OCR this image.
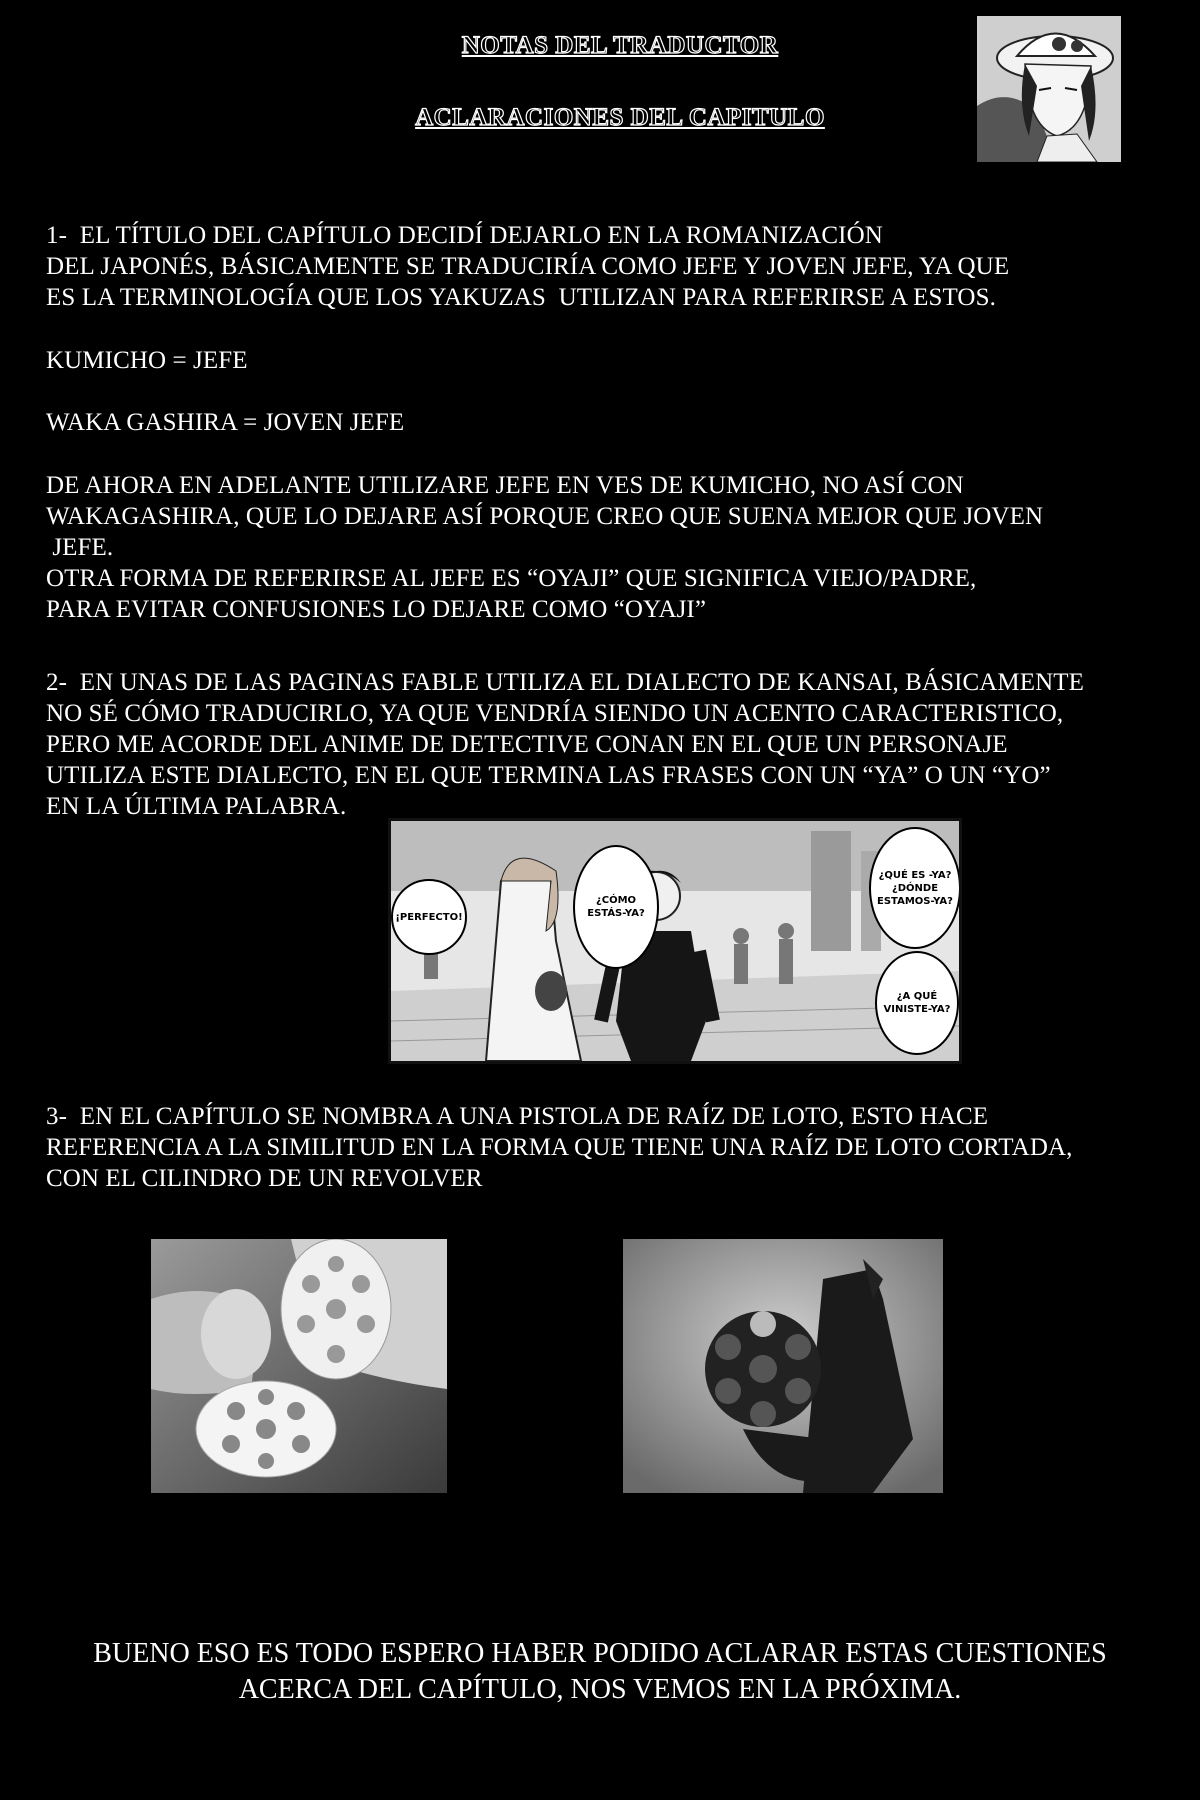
NOTAS DEL TRADUCTOR
ACLARACIONES DEL CAPITULO
1-  EL TÍTULO DEL CAPÍTULO DECIDÍ DEJARLO EN LA ROMANIZACIÓN
DEL JAPONÉS, BÁSICAMENTE SE TRADUCIRÍA COMO JEFE Y JOVEN JEFE, YA QUE
ES LA TERMINOLOGÍA QUE LOS YAKUZAS  UTILIZAN PARA REFERIRSE A ESTOS.
KUMICHO = JEFE
WAKA GASHIRA = JOVEN JEFE
DE AHORA EN ADELANTE UTILIZARE JEFE EN VES DE KUMICHO, NO ASÍ CON
WAKAGASHIRA, QUE LO DEJARE ASÍ PORQUE CREO QUE SUENA MEJOR QUE JOVEN
JEFE.
OTRA FORMA DE REFERIRSE AL JEFE ES “OYAJI” QUE SIGNIFICA VIEJO/PADRE,
PARA EVITAR CONFUSIONES LO DEJARE COMO “OYAJI”
2-  EN UNAS DE LAS PAGINAS FABLE UTILIZA EL DIALECTO DE KANSAI, BÁSICAMENTE
NO SÉ CÓMO TRADUCIRLO, YA QUE VENDRÍA SIENDO UN ACENTO CARACTERISTICO,
PERO ME ACORDE DEL ANIME DE DETECTIVE CONAN EN EL QUE UN PERSONAJE
UTILIZA ESTE DIALECTO, EN EL QUE TERMINA LAS FRASES CON UN “YA” O UN “YO”
EN LA ÚLTIMA PALABRA.
¡PERFECTO!
¿CÓMO ESTÁS-YA?
¿QUÉ ES -YA? ¿DÓNDE ESTAMOS-YA?
¿A QUÉ VINISTE-YA?
3-  EN EL CAPÍTULO SE NOMBRA A UNA PISTOLA DE RAÍZ DE LOTO, ESTO HACE
REFERENCIA A LA SIMILITUD EN LA FORMA QUE TIENE UNA RAÍZ DE LOTO CORTADA,
CON EL CILINDRO DE UN REVOLVER
BUENO ESO ES TODO ESPERO HABER PODIDO ACLARAR ESTAS CUESTIONES
ACERCA DEL CAPÍTULO, NOS VEMOS EN LA PRÓXIMA.
